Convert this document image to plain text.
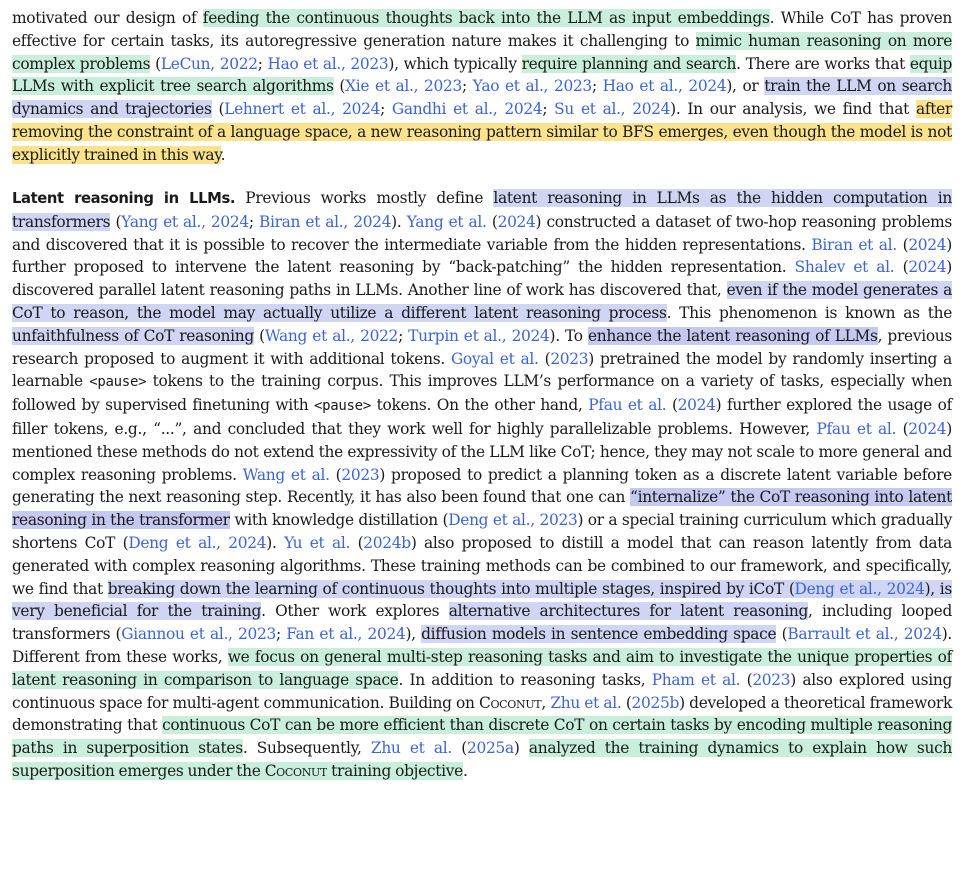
motivated our design of feeding the continuous thoughts back into the LLM as input embeddings. While CoT has proven effective for certain tasks, its autoregressive generation nature makes it challenging to mimic human reasoning on more complex problems (LeCun, 2022; Hao et al., 2023), which typically require planning and search. There are works that equip LLMs with explicit tree search algorithms (Xie et al., 2023; Yao et al., 2023; Hao et al., 2024), or train the LLM on search dynamics and trajectories (Lehnert et al., 2024; Gandhi et al., 2024; Su et al., 2024). In our analysis, we find that after removing the constraint of a language space, a new reasoning pattern similar to BFS emerges, even though the model is not explicitly trained in this way.

Latent reasoning in LLMs. Previous works mostly define latent reasoning in LLMs as the hidden computation in transformers (Yang et al., 2024; Biran et al., 2024). Yang et al. (2024) constructed a dataset of two-hop reasoning problems and discovered that it is possible to recover the intermediate variable from the hidden representations. Biran et al. (2024) further proposed to intervene the latent reasoning by “back-patching” the hidden representation. Shalev et al. (2024) discovered parallel latent reasoning paths in LLMs. Another line of work has discovered that, even if the model generates a CoT to reason, the model may actually utilize a different latent reasoning process. This phenomenon is known as the unfaithfulness of CoT reasoning (Wang et al., 2022; Turpin et al., 2024). To enhance the latent reasoning of LLMs, previous research proposed to augment it with additional tokens. Goyal et al. (2023) pretrained the model by randomly inserting a learnable <pause> tokens to the training corpus. This improves LLM’s performance on a variety of tasks, especially when followed by supervised finetuning with <pause> tokens. On the other hand, Pfau et al. (2024) further explored the usage of filler tokens, e.g., “...”, and concluded that they work well for highly parallelizable problems. However, Pfau et al. (2024) mentioned these methods do not extend the expressivity of the LLM like CoT; hence, they may not scale to more general and complex reasoning problems. Wang et al. (2023) proposed to predict a planning token as a discrete latent variable before generating the next reasoning step. Recently, it has also been found that one can “internalize” the CoT reasoning into latent reasoning in the transformer with knowledge distillation (Deng et al., 2023) or a special training curriculum which gradually shortens CoT (Deng et al., 2024). Yu et al. (2024b) also proposed to distill a model that can reason latently from data generated with complex reasoning algorithms. These training methods can be combined to our framework, and specifically, we find that breaking down the learning of continuous thoughts into multiple stages, inspired by iCoT (Deng et al., 2024), is very beneficial for the training. Other work explores alternative architectures for latent reasoning, including looped transformers (Giannou et al., 2023; Fan et al., 2024), diffusion models in sentence embedding space (Barrault et al., 2024). Different from these works, we focus on general multi-step reasoning tasks and aim to investigate the unique properties of latent reasoning in comparison to language space. In addition to reasoning tasks, Pham et al. (2023) also explored using continuous space for multi-agent communication. Building on Coconut, Zhu et al. (2025b) developed a theoretical framework demonstrating that continuous CoT can be more efficient than discrete CoT on certain tasks by encoding multiple reasoning paths in superposition states. Subsequently, Zhu et al. (2025a) analyzed the training dynamics to explain how such superposition emerges under the Coconut training objective.
